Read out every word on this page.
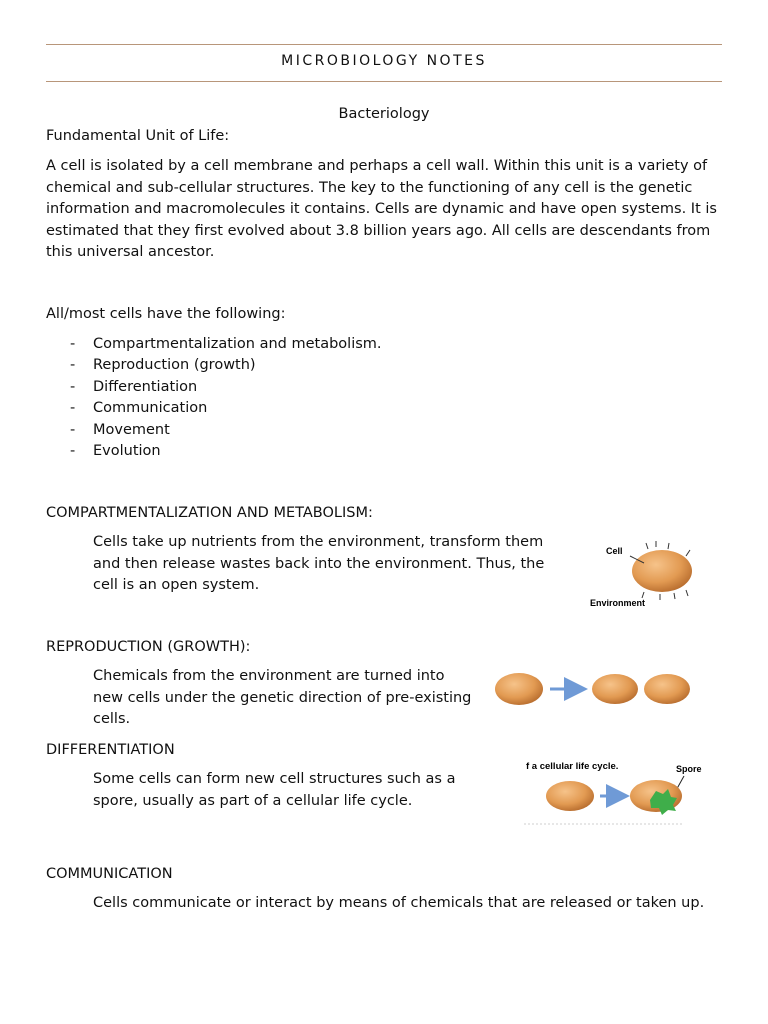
MICROBIOLOGY NOTES

Bacteriology

Fundamental Unit of Life:

A cell is isolated by a cell membrane and perhaps a cell wall. Within this unit is a variety of chemical and sub-cellular structures. The key to the functioning of any cell is the genetic information and macromolecules it contains. Cells are dynamic and have open systems. It is estimated that they first evolved about 3.8 billion years ago. All cells are descendants from this universal ancestor.

All/most cells have the following:

-	Compartmentalization and metabolism.
-	Reproduction (growth)
-	Differentiation
-	Communication
-	Movement
-	Evolution

COMPARTMENTALIZATION AND METABOLISM:

Cells take up nutrients from the environment, transform them and then release wastes back into the environment. Thus, the cell is an open system.

Cell
Environment

REPRODUCTION (GROWTH):

Chemicals from the environment are turned into new cells under the genetic direction of pre-existing cells.

DIFFERENTIATION

Some cells can form new cell structures such as a spore, usually as part of a cellular life cycle.

f a cellular life cycle.	Spore

COMMUNICATION

Cells communicate or interact by means of chemicals that are released or taken up.
